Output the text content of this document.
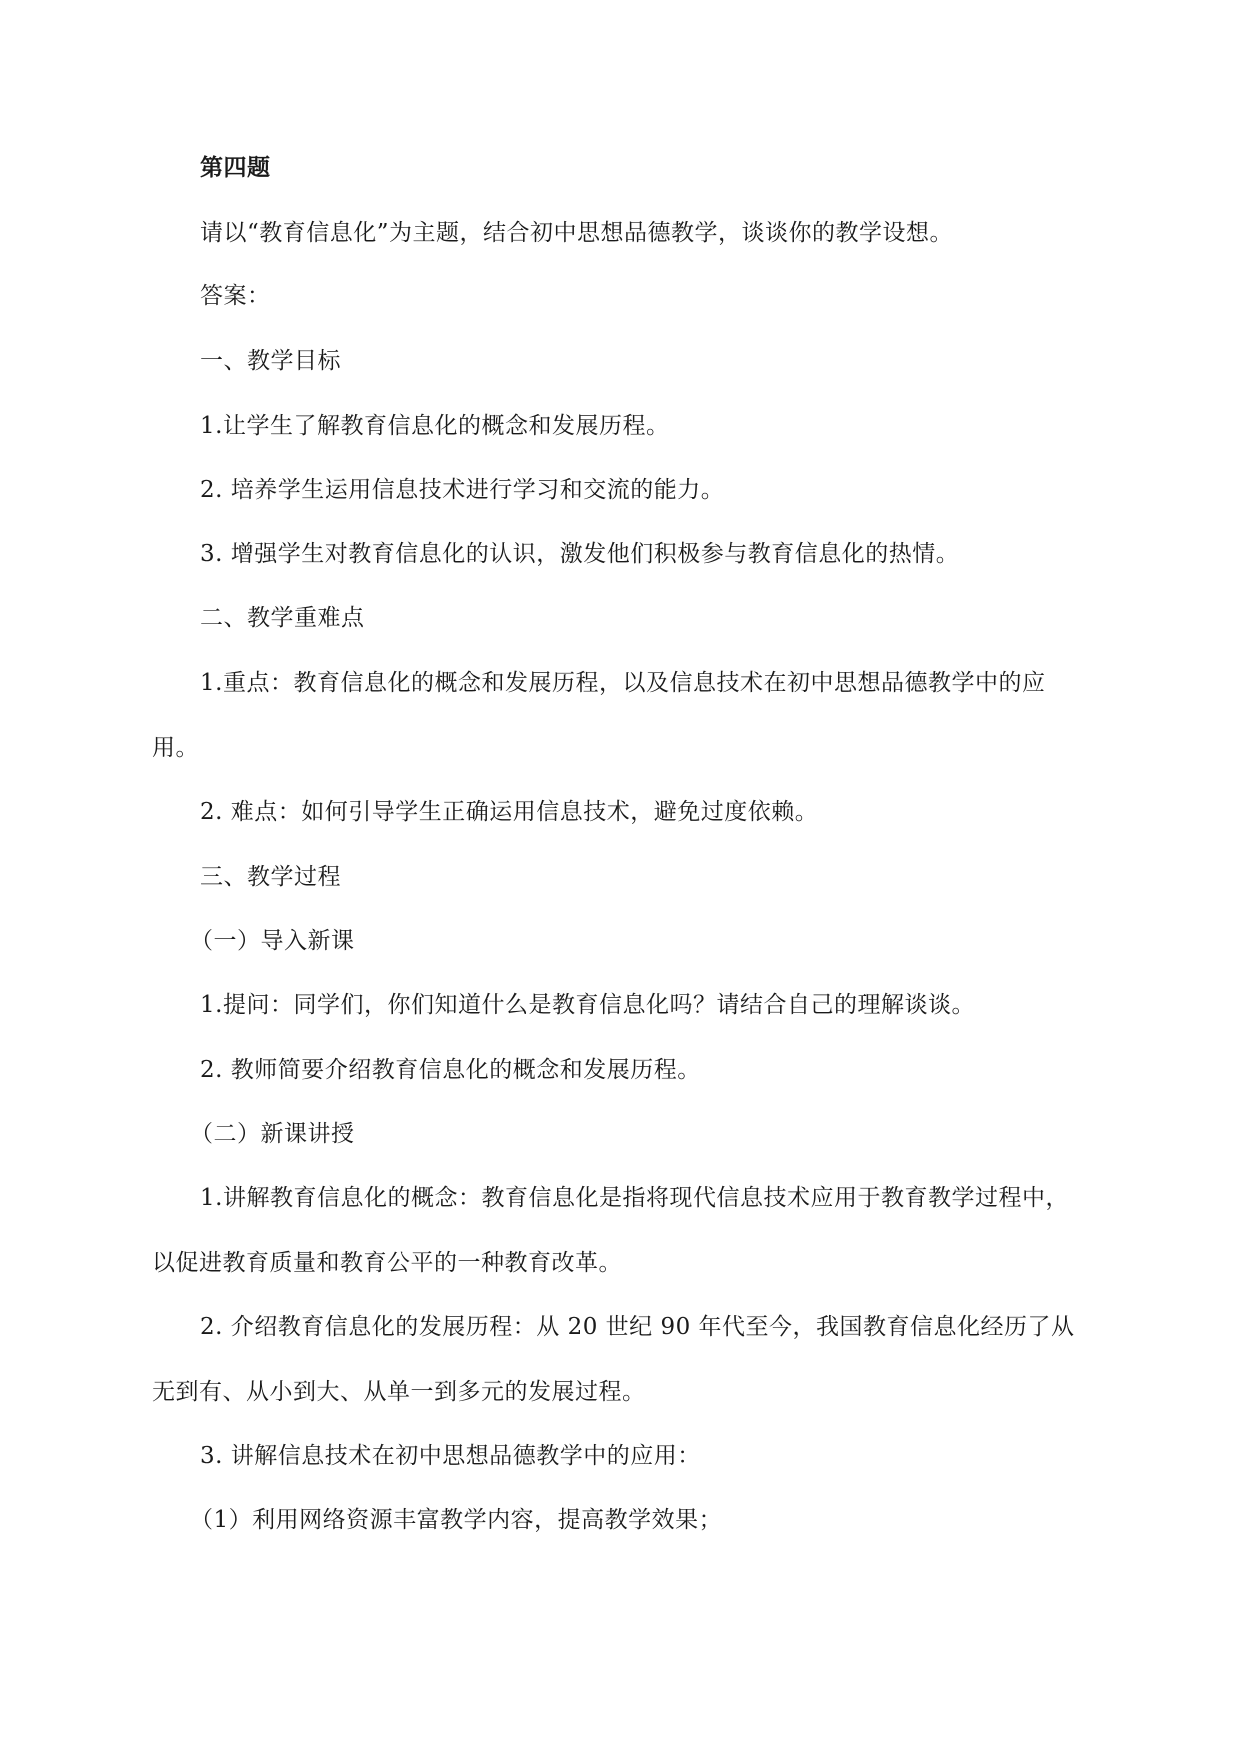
第四题
请以“教育信息化”为主题，结合初中思想品德教学，谈谈你的教学设想。
答案：
一、教学目标
1.让学生了解教育信息化的概念和发展历程。
2. 培养学生运用信息技术进行学习和交流的能力。
3. 增强学生对教育信息化的认识，激发他们积极参与教育信息化的热情。
二、教学重难点
1.重点：教育信息化的概念和发展历程，以及信息技术在初中思想品德教学中的应
用。
2. 难点：如何引导学生正确运用信息技术，避免过度依赖。
三、教学过程
（一）导入新课
1.提问：同学们，你们知道什么是教育信息化吗？请结合自己的理解谈谈。
2. 教师简要介绍教育信息化的概念和发展历程。
（二）新课讲授
1.讲解教育信息化的概念：教育信息化是指将现代信息技术应用于教育教学过程中，
以促进教育质量和教育公平的一种教育改革。
2. 介绍教育信息化的发展历程：从 20 世纪 90 年代至今，我国教育信息化经历了从
无到有、从小到大、从单一到多元的发展过程。
3. 讲解信息技术在初中思想品德教学中的应用：
（1）利用网络资源丰富教学内容，提高教学效果；
